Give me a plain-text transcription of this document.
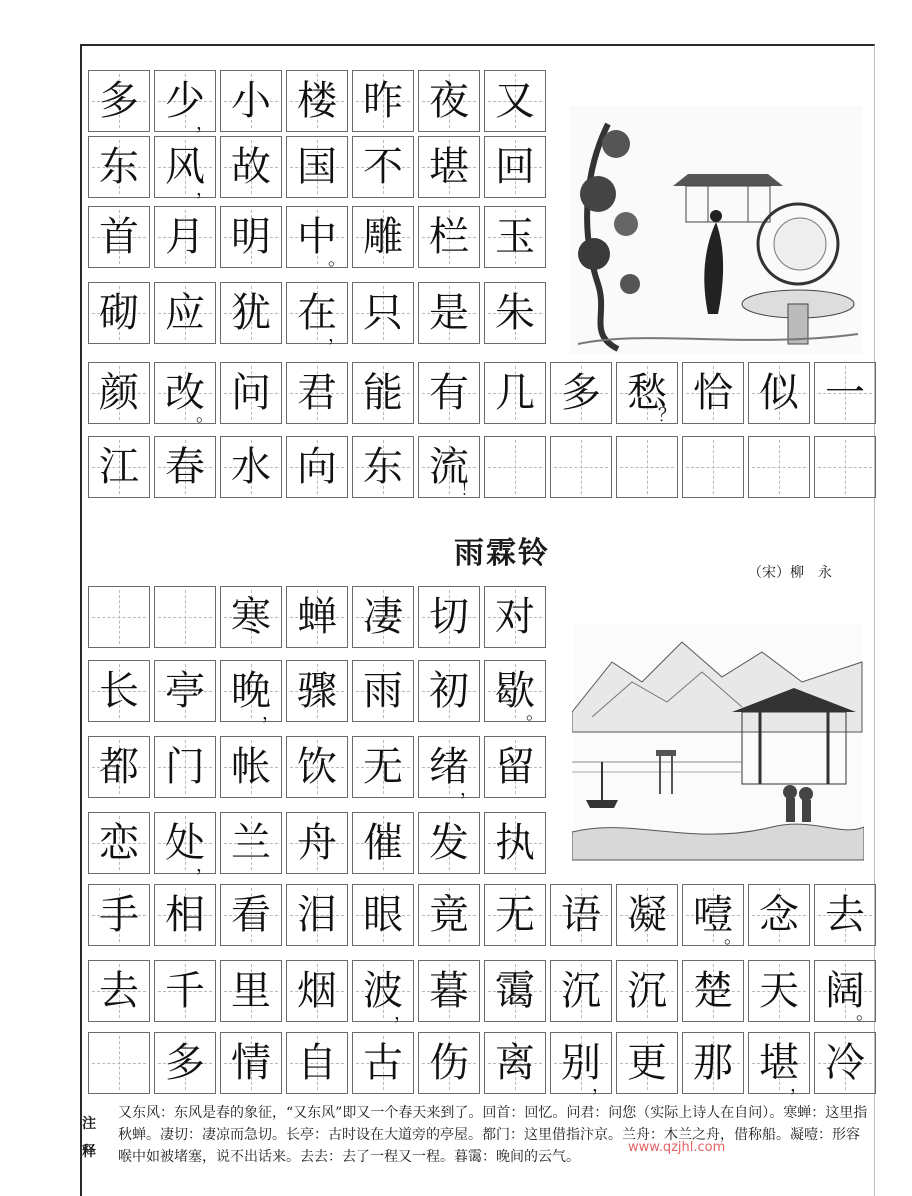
多 少
， 小 楼 昨 夜 又
东 风
， 故 国 不 堪 回
首 月 明 中
。 雕 栏 玉
砌 应 犹 在
， 只 是 朱
颜 改
。 问 君 能 有 几 多 愁
？ 恰 似 一
江 春 水 向 东 流
！
寒 蝉 凄 切 对
长 亭 晚
， 骤 雨 初 歇
。
都 门 帐 饮 无 绪
， 留
恋 处
， 兰 舟 催 发 执
手 相 看 泪 眼 竟 无 语 凝 噎
。 念 去
去 千 里 烟 波
， 暮 霭 沉 沉 楚 天 阔
。
多 情 自 古 伤 离 别
， 更 那 堪
， 冷
雨霖铃
（宋）柳　永
注释
又东风：东风是春的象征，“又东风”即又一个春天来到了。回首：回忆。问君：问您（实际上诗人在自问）。寒蝉：这里指秋蝉。凄切：凄凉而急切。长亭：古时设在大道旁的亭屋。都门：这里借指汴京。兰舟：木兰之舟，借称船。凝噎：形容喉中如被堵塞，说不出话来。去去：去了一程又一程。暮霭：晚间的云气。
www.qzjhl.com
